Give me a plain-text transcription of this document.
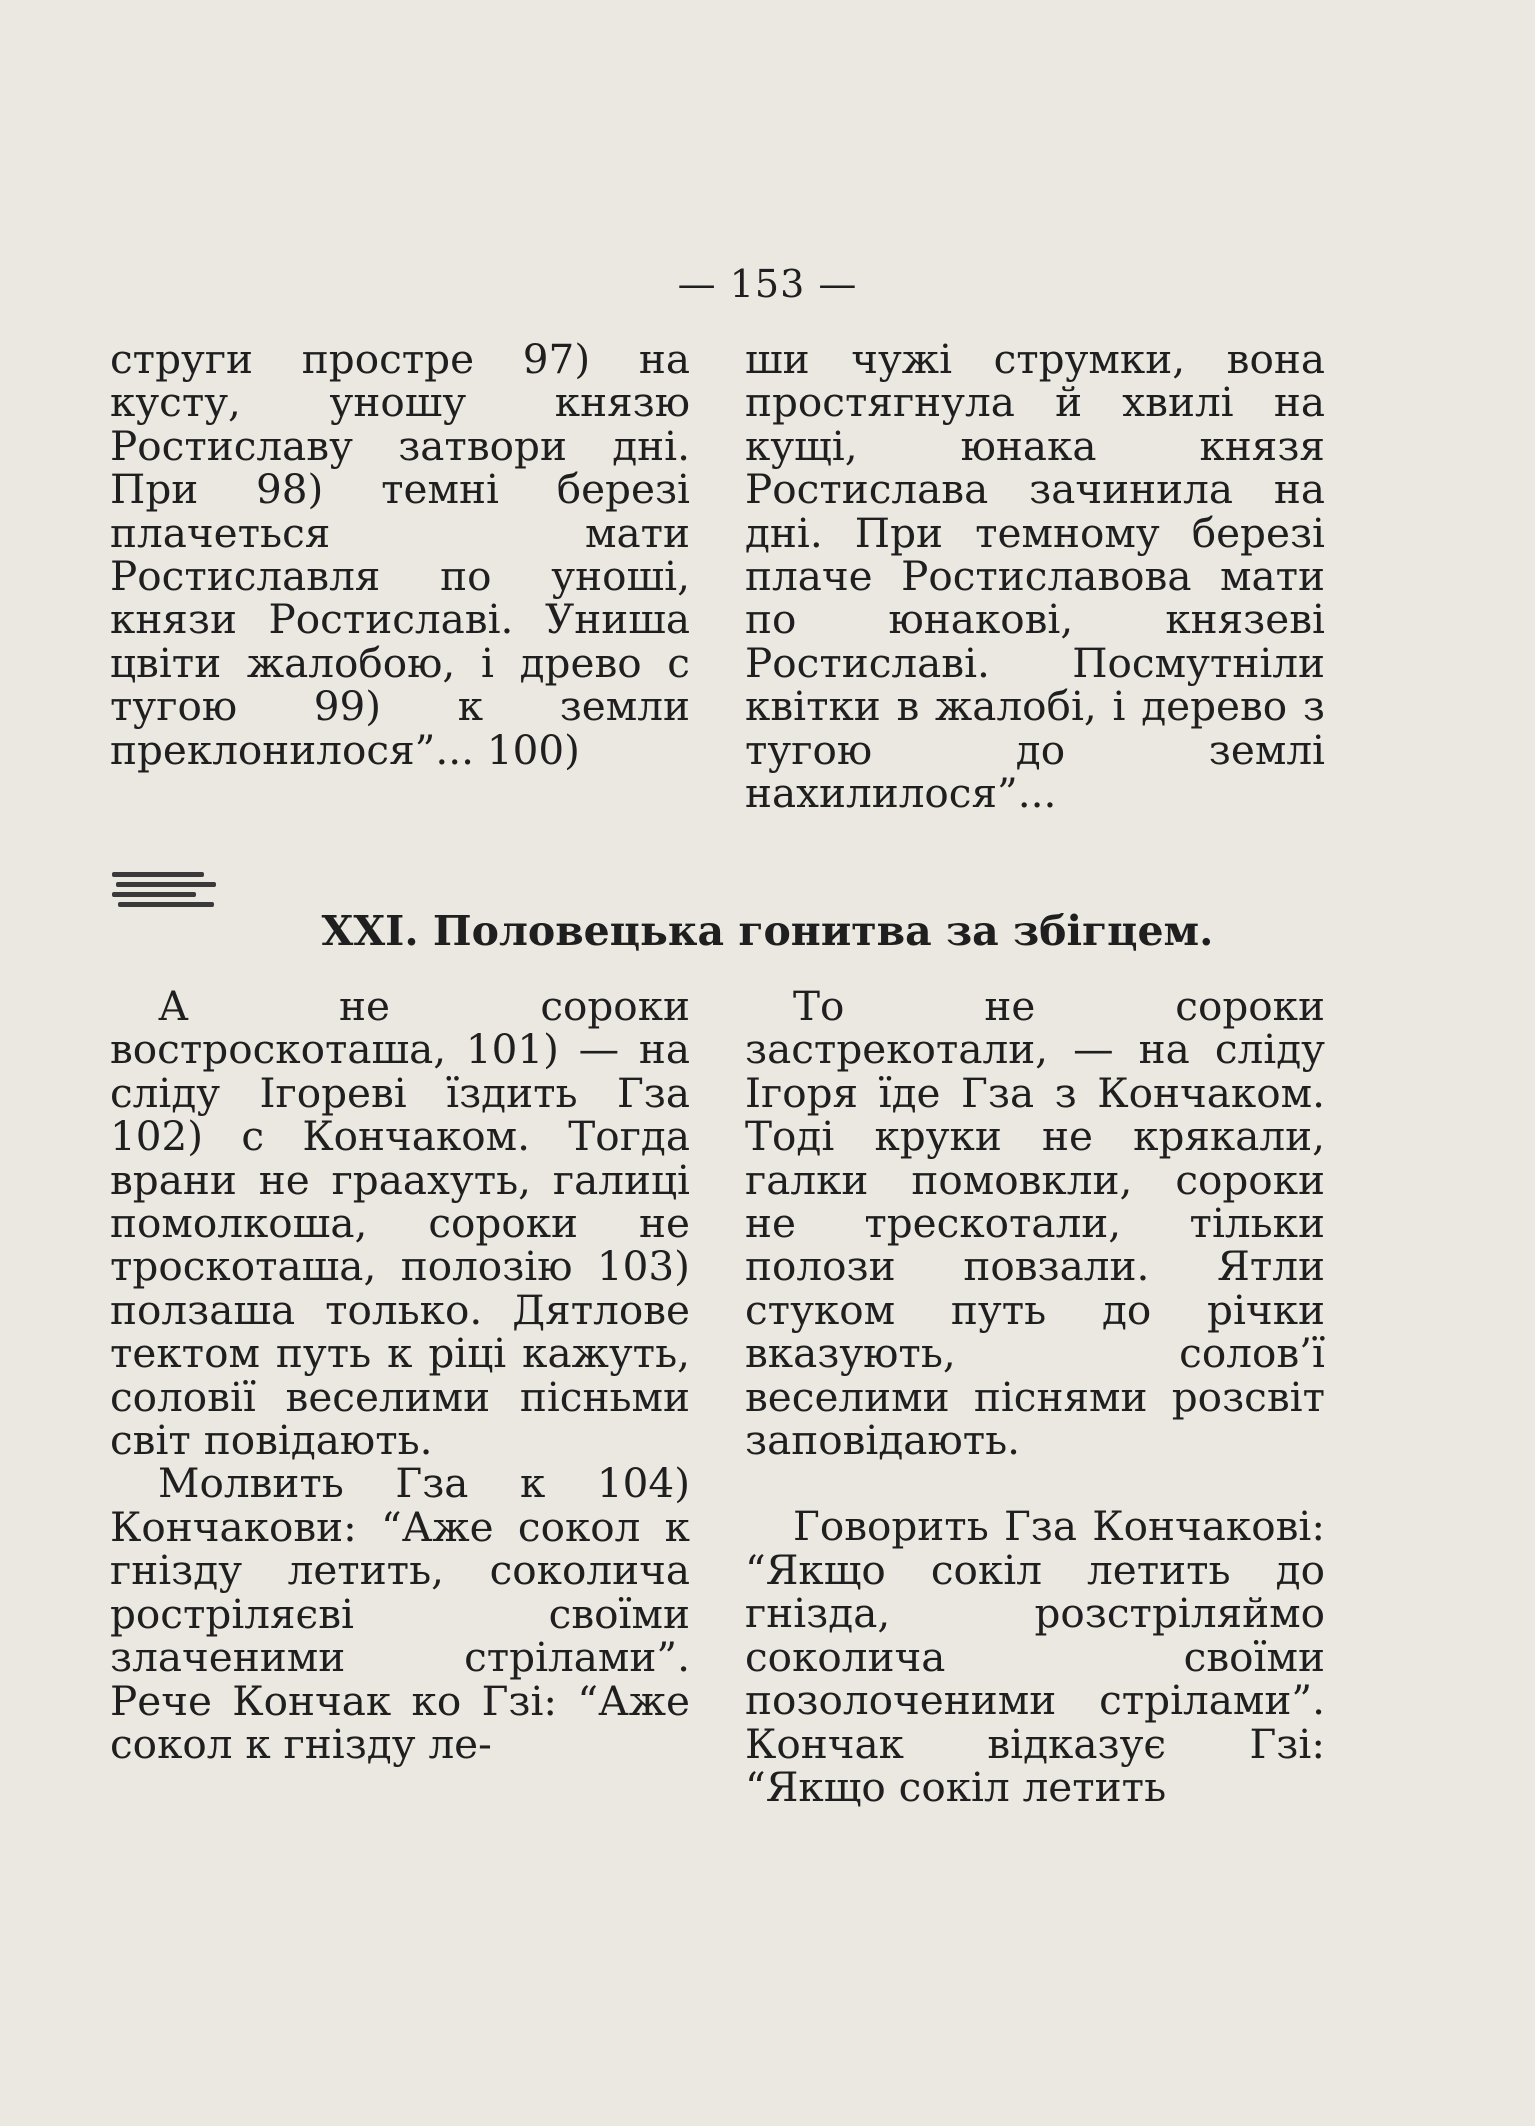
— 153 —

струги простре 97) на кусту, уношу князю Ростиславу затвори дні. При 98) темні березі плачеться мати Ростиславля по уноші, князи Ростиславі. Униша цвіти жалобою, і древо с тугою 99) к земли преклонилося”... 100)

ши чужі струмки, вона простягнула й хвилі на кущі, юнака князя Ростислава зачинила на дні. При темному березі плаче Ростиславова мати по юнакові, князеві Ростиславі. Посмутніли квітки в жалобі, і дерево з тугою до землі нахилилося”...

XXI. Половецька гонитва за збігцем.

А не сороки востроскоташа, 101) — на сліду Ігореві їздить Гза 102) с Кончаком. Тогда врани не граахуть, галиці помолкоша, сороки не троскоташа, полозію 103) ползаша только. Дятлове тектом путь к ріці кажуть, соловії веселими пісньми світ повідають.

Молвить Гза к 104) Кончакови: “Аже сокол к гнізду летить, соколича ростріляєві своїми злаченими стрілами”. Рече Кончак ко Гзі: “Аже сокол к гнізду ле-

То не сороки застрекотали, — на сліду Ігоря їде Гза з Кончаком. Тоді круки не крякали, галки помовкли, сороки не трескотали, тільки полози повзали. Ятли стуком путь до річки вказують, солов’ї веселими піснями розсвіт заповідають.

Говорить Гза Кончакові: “Якщо сокіл летить до гнізда, розстріляймо соколича своїми позолоченими стрілами”. Кончак відказує Гзі: “Якщо сокіл летить
